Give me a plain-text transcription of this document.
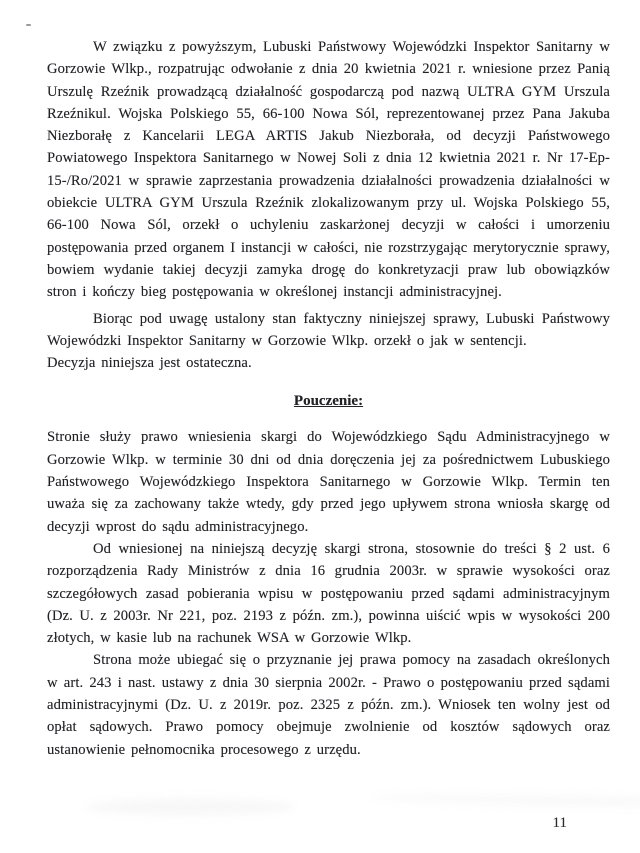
W związku z powyższym, Lubuski Państwowy Wojewódzki Inspektor Sanitarny w Gorzowie Wlkp., rozpatrując odwołanie z dnia 20 kwietnia 2021 r. wniesione przez Panią Urszulę Rzeźnik prowadzącą działalność gospodarczą pod nazwą ULTRA GYM Urszula Rzeźnikul. Wojska Polskiego 55, 66-100 Nowa Sól, reprezentowanej przez Pana Jakuba Niezborałę z Kancelarii LEGA ARTIS Jakub Niezborała, od decyzji Państwowego Powiatowego Inspektora Sanitarnego w Nowej Soli z dnia 12 kwietnia 2021 r. Nr 17-Ep-15-/Ro/2021 w sprawie zaprzestania prowadzenia działalności prowadzenia działalności w obiekcie ULTRA GYM Urszula Rzeźnik zlokalizowanym przy ul. Wojska Polskiego 55, 66-100 Nowa Sól, orzekł o uchyleniu zaskarżonej decyzji w całości i umorzeniu postępowania przed organem I instancji w całości, nie rozstrzygając merytorycznie sprawy, bowiem wydanie takiej decyzji zamyka drogę do konkretyzacji praw lub obowiązków stron i kończy bieg postępowania w określonej instancji administracyjnej.

Biorąc pod uwagę ustalony stan faktyczny niniejszej sprawy, Lubuski Państwowy Wojewódzki Inspektor Sanitarny w Gorzowie Wlkp. orzekł o jak w sentencji.

Decyzja niniejsza jest ostateczna.

Pouczenie:

Stronie służy prawo wniesienia skargi do Wojewódzkiego Sądu Administracyjnego w Gorzowie Wlkp. w terminie 30 dni od dnia doręczenia jej za pośrednictwem Lubuskiego Państwowego Wojewódzkiego Inspektora Sanitarnego w Gorzowie Wlkp. Termin ten uważa się za zachowany także wtedy, gdy przed jego upływem strona wniosła skargę od decyzji wprost do sądu administracyjnego.

Od wniesionej na niniejszą decyzję skargi strona, stosownie do treści § 2 ust. 6 rozporządzenia Rady Ministrów z dnia 16 grudnia 2003r. w sprawie wysokości oraz szczegółowych zasad pobierania wpisu w postępowaniu przed sądami administracyjnym (Dz. U. z 2003r. Nr 221, poz. 2193 z późn. zm.), powinna uiścić wpis w wysokości 200 złotych, w kasie lub na rachunek WSA w Gorzowie Wlkp.

Strona może ubiegać się o przyznanie jej prawa pomocy na zasadach określonych w art. 243 i nast. ustawy z dnia 30 sierpnia 2002r. - Prawo o postępowaniu przed sądami administracyjnymi (Dz. U. z 2019r. poz. 2325 z późn. zm.). Wniosek ten wolny jest od opłat sądowych. Prawo pomocy obejmuje zwolnienie od kosztów sądowych oraz ustanowienie pełnomocnika procesowego z urzędu.

11
